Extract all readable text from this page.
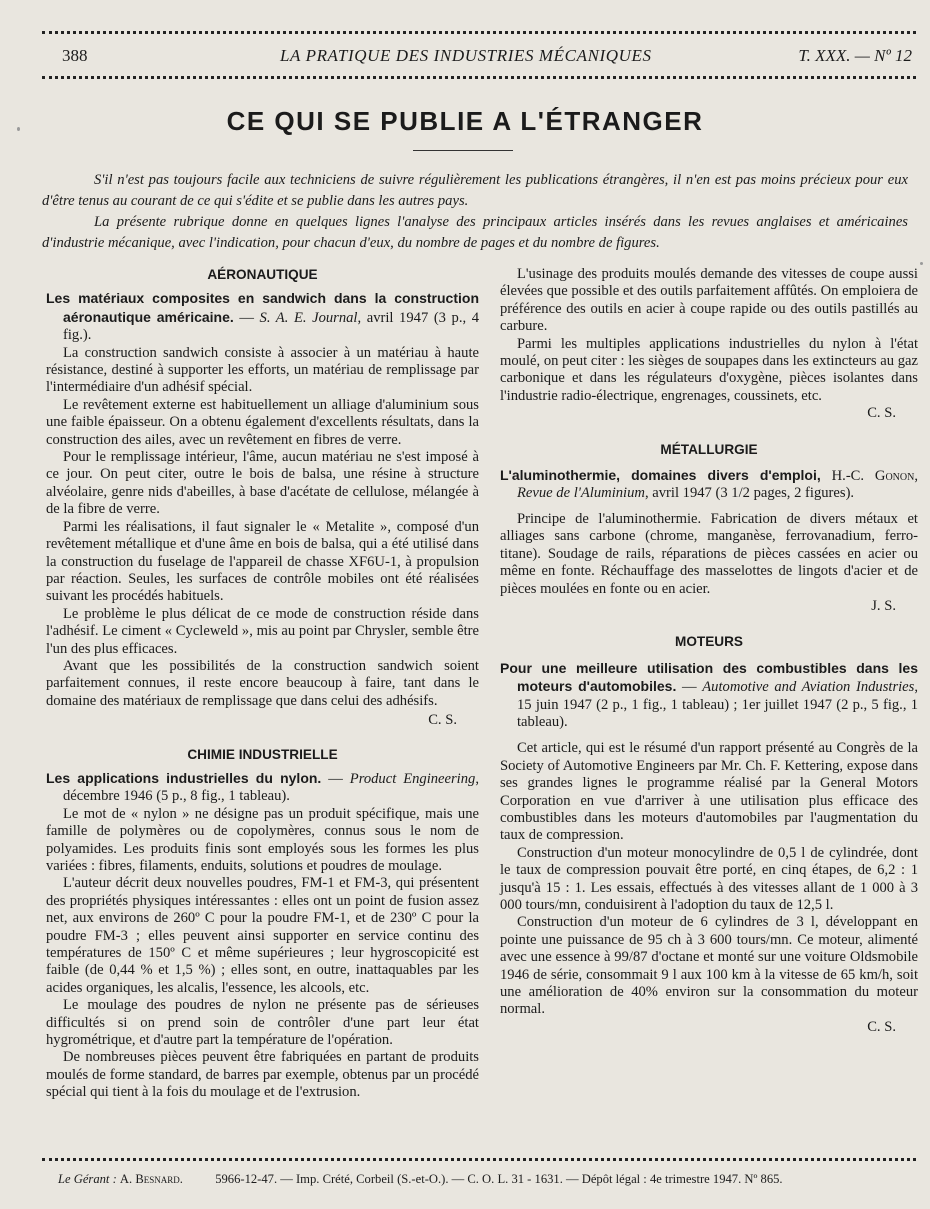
388	LA PRATIQUE DES INDUSTRIES MÉCANIQUES	T. XXX. — Nº 12
CE QUI SE PUBLIE A L'ÉTRANGER

S'il n'est pas toujours facile aux techniciens de suivre régulièrement les publications étrangères, il n'en est pas moins précieux pour eux d'être tenus au courant de ce qui s'édite et se publie dans les autres pays.

La présente rubrique donne en quelques lignes l'analyse des principaux articles insérés dans les revues anglaises et américaines d'industrie mécanique, avec l'indication, pour chacun d'eux, du nombre de pages et du nombre de figures.

AÉRONAUTIQUE

Les matériaux composites en sandwich dans la construction aéronautique américaine. — S. A. E. Journal, avril 1947 (3 p., 4 fig.).

La construction sandwich consiste à associer à un matériau à haute résistance, destiné à supporter les efforts, un matériau de remplissage par l'intermédiaire d'un adhésif spécial.

Le revêtement externe est habituellement un alliage d'aluminium sous une faible épaisseur. On a obtenu également d'excellents résultats, dans la construction des ailes, avec un revêtement en fibres de verre.

Pour le remplissage intérieur, l'âme, aucun matériau ne s'est imposé à ce jour. On peut citer, outre le bois de balsa, une résine à structure alvéolaire, genre nids d'abeilles, à base d'acétate de cellulose, mélangée à de la fibre de verre.

Parmi les réalisations, il faut signaler le « Metalite », composé d'un revêtement métallique et d'une âme en bois de balsa, qui a été utilisé dans la construction du fuselage de l'appareil de chasse XF6U-1, à propulsion par réaction. Seules, les surfaces de contrôle mobiles ont été réalisées suivant les procédés habituels.

Le problème le plus délicat de ce mode de construction réside dans l'adhésif. Le ciment « Cycleweld », mis au point par Chrysler, semble être l'un des plus efficaces.

Avant que les possibilités de la construction sandwich soient parfaitement connues, il reste encore beaucoup à faire, tant dans le domaine des matériaux de remplissage que dans celui des adhésifs.

C. S.

CHIMIE INDUSTRIELLE

Les applications industrielles du nylon. — Product Engineering, décembre 1946 (5 p., 8 fig., 1 tableau).

Le mot de « nylon » ne désigne pas un produit spécifique, mais une famille de polymères ou de copolymères, connus sous le nom de polyamides. Les produits finis sont employés sous les formes les plus variées : fibres, filaments, enduits, solutions et poudres de moulage.

L'auteur décrit deux nouvelles poudres, FM-1 et FM-3, qui présentent des propriétés physiques intéressantes : elles ont un point de fusion assez net, aux environs de 260º C pour la poudre FM-1, et de 230º C pour la poudre FM-3 ; elles peuvent ainsi supporter en service continu des températures de 150º C et même supérieures ; leur hygroscopicité est faible (de 0,44 % et 1,5 %) ; elles sont, en outre, inattaquables par les acides organiques, les alcalis, l'essence, les alcools, etc.

Le moulage des poudres de nylon ne présente pas de sérieuses difficultés si on prend soin de contrôler d'une part leur état hygrométrique, et d'autre part la température de l'opération.

De nombreuses pièces peuvent être fabriquées en partant de produits moulés de forme standard, de barres par exemple, obtenus par un procédé spécial qui tient à la fois du moulage et de l'extrusion.

L'usinage des produits moulés demande des vitesses de coupe aussi élevées que possible et des outils parfaitement affûtés. On emploiera de préférence des outils en acier à coupe rapide ou des outils pastillés au carbure.

Parmi les multiples applications industrielles du nylon à l'état moulé, on peut citer : les sièges de soupapes dans les extincteurs au gaz carbonique et dans les régulateurs d'oxygène, pièces isolantes dans l'industrie radio-électrique, engrenages, coussinets, etc.

C. S.

MÉTALLURGIE

L'aluminothermie, domaines divers d'emploi, H.-C. Gonon, Revue de l'Aluminium, avril 1947 (3 1/2 pages, 2 figures).

Principe de l'aluminothermie. Fabrication de divers métaux et alliages sans carbone (chrome, manganèse, ferrovanadium, ferro-titane). Soudage de rails, réparations de pièces cassées en acier ou même en fonte. Réchauffage des masselottes de lingots d'acier et de pièces moulées en fonte ou en acier.

J. S.

MOTEURS

Pour une meilleure utilisation des combustibles dans les moteurs d'automobiles. — Automotive and Aviation Industries, 15 juin 1947 (2 p., 1 fig., 1 tableau) ; 1er juillet 1947 (2 p., 5 fig., 1 tableau).

Cet article, qui est le résumé d'un rapport présenté au Congrès de la Society of Automotive Engineers par Mr. Ch. F. Kettering, expose dans ses grandes lignes le programme réalisé par la General Motors Corporation en vue d'arriver à une utilisation plus efficace des combustibles dans les moteurs d'automobiles par l'augmentation du taux de compression.

Construction d'un moteur monocylindre de 0,5 l de cylindrée, dont le taux de compression pouvait être porté, en cinq étapes, de 6,2 : 1 jusqu'à 15 : 1. Les essais, effectués à des vitesses allant de 1 000 à 3 000 tours/mn, conduisirent à l'adoption du taux de 12,5 l.

Construction d'un moteur de 6 cylindres de 3 l, développant en pointe une puissance de 95 ch à 3 600 tours/mn. Ce moteur, alimenté avec une essence à 99/87 d'octane et monté sur une voiture Oldsmobile 1946 de série, consommait 9 l aux 100 km à la vitesse de 65 km/h, soit une amélioration de 40% environ sur la consommation du moteur normal.

C. S.

Le Gérant : A. Besnard.	5966-12-47. — Imp. Crété, Corbeil (S.-et-O.). — C. O. L. 31 - 1631. — Dépôt légal : 4e trimestre 1947. Nº 865.
